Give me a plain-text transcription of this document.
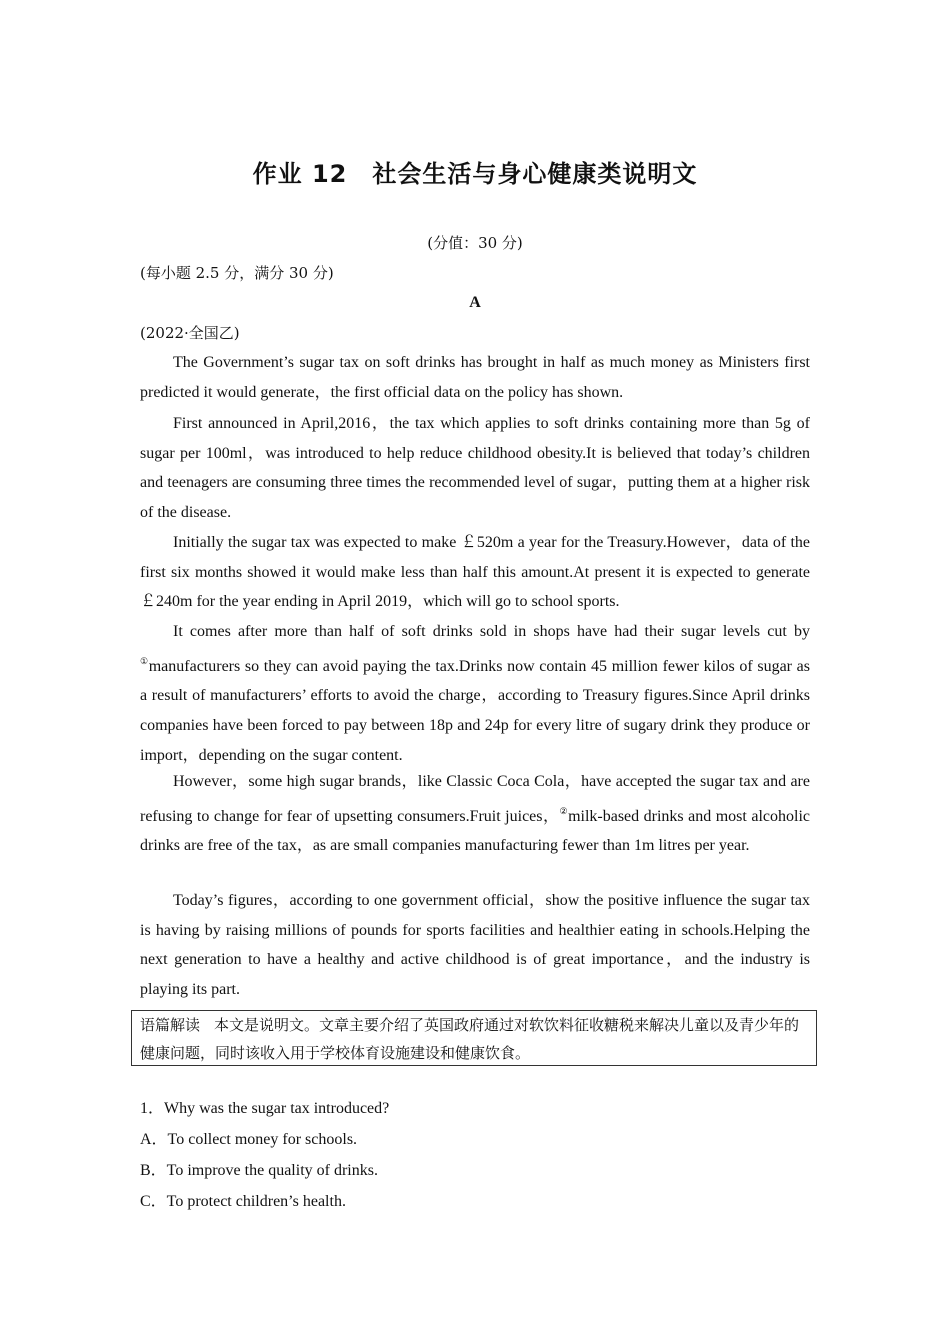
作业 12　社会生活与身心健康类说明文
(分值：30 分)
(每小题 2.5 分，满分 30 分)
A
(2022·全国乙)

The Government’s sugar tax on soft drinks has brought in half as much money as Ministers first predicted it would generate，the first official data on the policy has shown.

First announced in April,2016，the tax which applies to soft drinks containing more than 5g of sugar per 100ml，was introduced to help reduce childhood obesity.It is believed that today’s children and teenagers are consuming three times the recommended level of sugar，putting them at a higher risk of the disease.

Initially the sugar tax was expected to make ￡520m a year for the Treasury.However，data of the first six months showed it would make less than half this amount.At present it is expected to generate ￡240m for the year ending in April 2019，which will go to school sports.

It comes after more than half of soft drinks sold in shops have had their sugar levels cut by ①manufacturers so they can avoid paying the tax.Drinks now contain 45 million fewer kilos of sugar as a result of manufacturers’ efforts to avoid the charge，according to Treasury figures.Since April drinks companies have been forced to pay between 18p and 24p for every litre of sugary drink they produce or import，depending on the sugar content.

However，some high sugar brands，like Classic Coca Cola，have accepted the sugar tax and are refusing to change for fear of upsetting consumers.Fruit juices，②milk-based drinks and most alcoholic drinks are free of the tax，as are small companies manufacturing fewer than 1m litres per year.

Today’s figures，according to one government official，show the positive influence the sugar tax is having by raising millions of pounds for sports facilities and healthier eating in schools.Helping the next generation to have a healthy and active childhood is of great importance，and the industry is playing its part.

语篇解读 本文是说明文。文章主要介绍了英国政府通过对软饮料征收糖税来解决儿童以及青少年的健康问题，同时该收入用于学校体育设施建设和健康饮食。
1．Why was the sugar tax introduced?
A．To collect money for schools.
B．To improve the quality of drinks.
C．To protect children’s health.
